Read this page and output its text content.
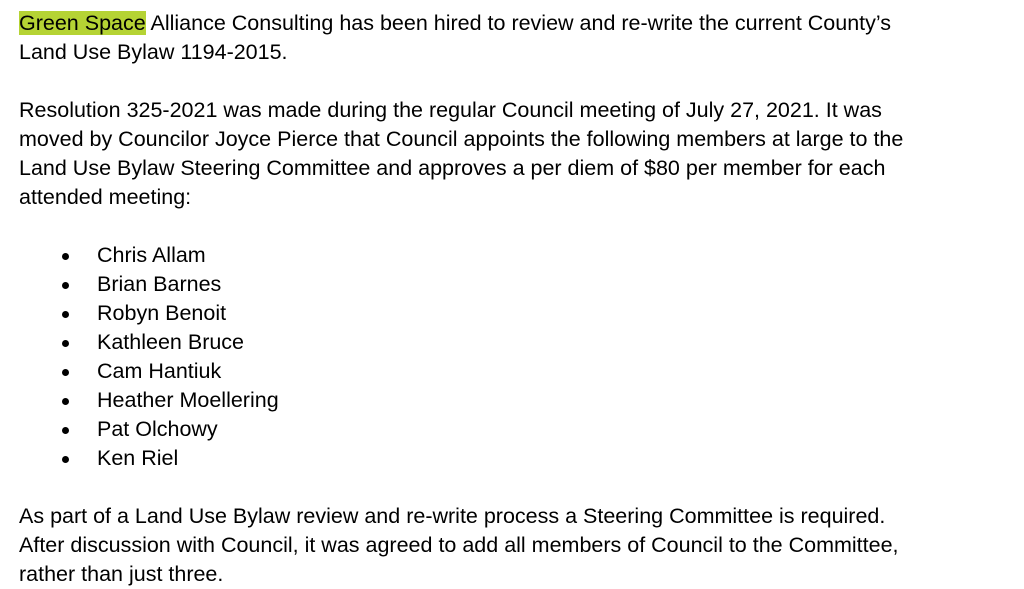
Green Space Alliance Consulting has been hired to review and re-write the current County’s
Land Use Bylaw 1194-2015.

Resolution 325-2021 was made during the regular Council meeting of July 27, 2021. It was
moved by Councilor Joyce Pierce that Council appoints the following members at large to the
Land Use Bylaw Steering Committee and approves a per diem of $80 per member for each
attended meeting:

Chris Allam
Brian Barnes
Robyn Benoit
Kathleen Bruce
Cam Hantiuk
Heather Moellering
Pat Olchowy
Ken Riel

As part of a Land Use Bylaw review and re-write process a Steering Committee is required.
After discussion with Council, it was agreed to add all members of Council to the Committee,
rather than just three.
